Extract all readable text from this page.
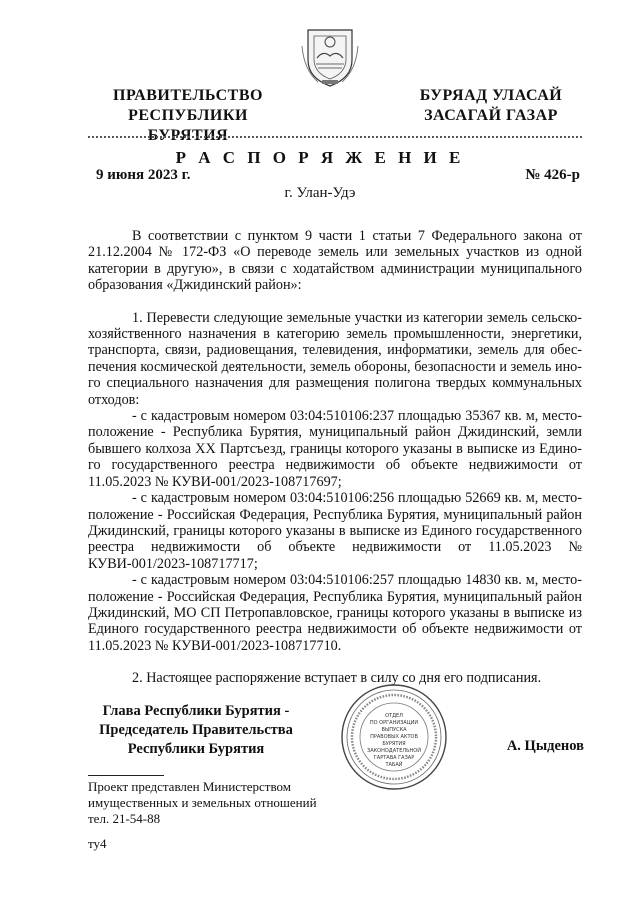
ПРАВИТЕЛЬСТВО
РЕСПУБЛИКИ БУРЯТИЯ
БУРЯАД УЛАСАЙ
ЗАСАГАЙ ГАЗАР
Р А С П О Р Я Ж Е Н И Е
9 июня 2023 г.	№ 426-р
г. Улан-Удэ

В соответствии с пунктом 9 части 1 статьи 7 Федерального закона от 21.12.2004 № 172-ФЗ «О переводе земель или земельных участков из одной категории в другую», в связи с ходатайством администрации муниципального образования «Джидинский район»:

1. Перевести следующие земельные участки из категории земель сельско-хозяйственного назначения в категорию земель промышленности, энергетики, транспорта, связи, радиовещания, телевидения, информатики, земель для обес-печения космической деятельности, земель обороны, безопасности и земель ино-го специального назначения для размещения полигона твердых коммунальных отходов:

- с кадастровым номером 03:04:510106:237 площадью 35367 кв. м, место-положение - Республика Бурятия, муниципальный район Джидинский, земли бывшего колхоза XX Партсъезд, границы которого указаны в выписке из Едино-го государственного реестра недвижимости об объекте недвижимости от 11.05.2023 № КУВИ-001/2023-108717697;

- с кадастровым номером 03:04:510106:256 площадью 52669 кв. м, место-положение - Российская Федерация, Республика Бурятия, муниципальный район Джидинский, границы которого указаны в выписке из Единого государственного реестра недвижимости об объекте недвижимости от 11.05.2023 № КУВИ-001/2023-108717717;

- с кадастровым номером 03:04:510106:257 площадью 14830 кв. м, место-положение - Российская Федерация, Республика Бурятия, муниципальный район Джидинский, МО СП Петропавловское, границы которого указаны в выписке из Единого государственного реестра недвижимости об объекте недвижимости от 11.05.2023 № КУВИ-001/2023-108717710.

2. Настоящее распоряжение вступает в силу со дня его подписания.

Глава Республики Бурятия -
Председатель Правительства
Республики Бурятия
ОТДЕЛ
ПО ОРГАНИЗАЦИИ
ВЫПУСКА
ПРАВОВЫХ АКТОВ
БУРЯТИЯ
ЗАКОНОДАТЕЛЬНОЙ
ГАРТАВА ГАЗАР
ТАБАЙ
А. Цыденов
Проект представлен Министерством
имущественных и земельных отношений
тел. 21-54-88
ту4
